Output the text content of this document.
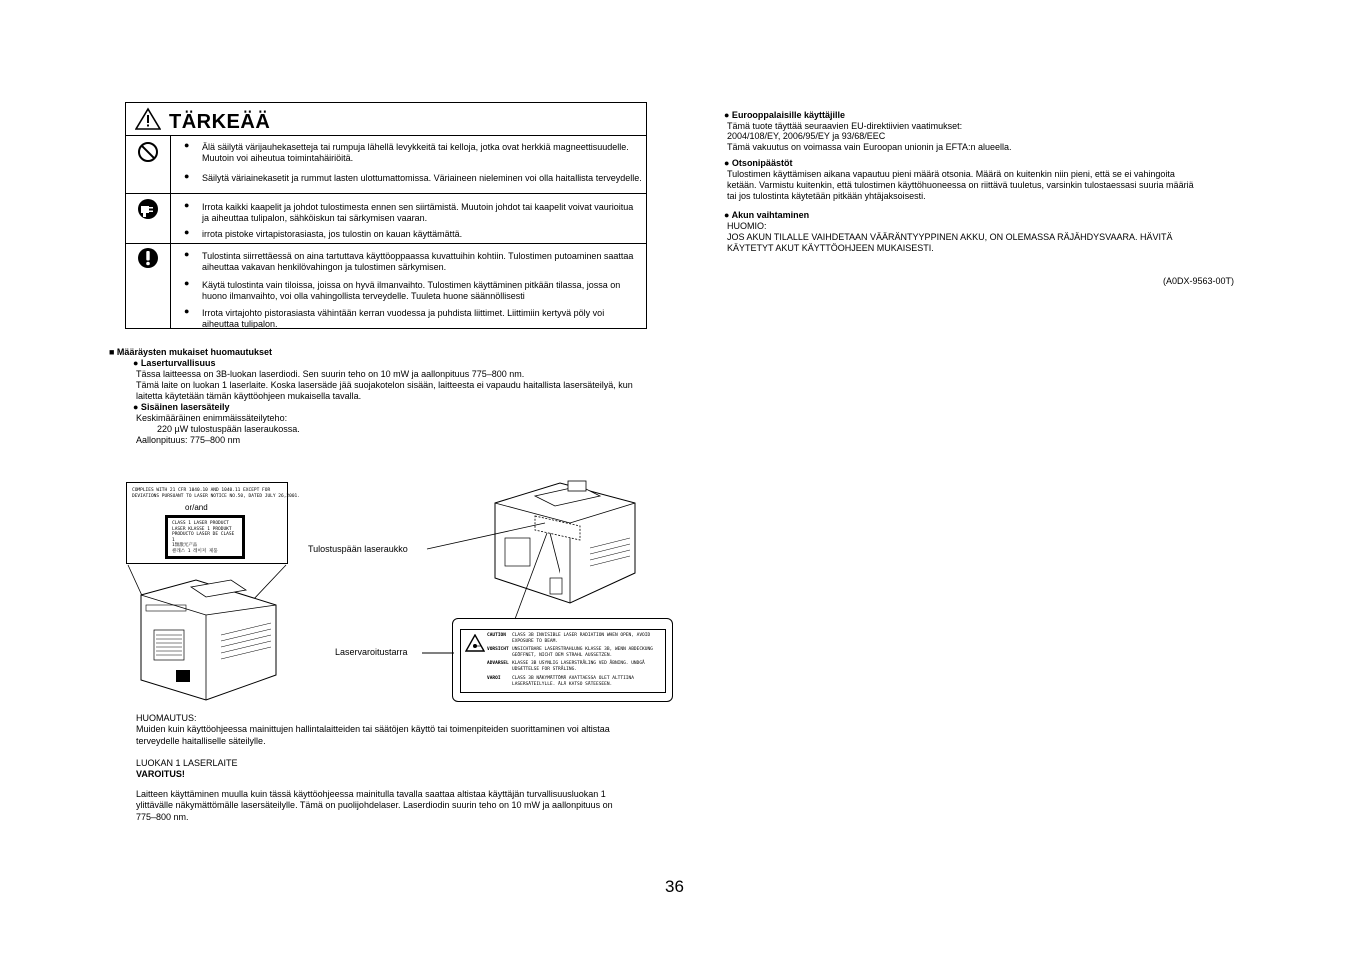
TÄRKEÄÄ
● Älä säilytä värijauhekasetteja tai rumpuja lähellä levykkeitä tai kelloja, jotka ovat herkkiä magneettisuudelle. Muutoin voi aiheutua toimintahäiriöitä.
● Säilytä väriainekasetit ja rummut lasten ulottumattomissa. Väriaineen nieleminen voi olla haitallista terveydelle.
● Irrota kaikki kaapelit ja johdot tulostimesta ennen sen siirtämistä. Muutoin johdot tai kaapelit voivat vaurioitua ja aiheuttaa tulipalon, sähköiskun tai särkymisen vaaran.
● irrota pistoke virtapistorasiasta, jos tulostin on kauan käyttämättä.
● Tulostinta siirrettäessä on aina tartuttava käyttöoppaassa kuvattuihin kohtiin. Tulostimen putoaminen saattaa aiheuttaa vakavan henkilövahingon ja tulostimen särkymisen.
● Käytä tulostinta vain tiloissa, joissa on hyvä ilmanvaihto. Tulostimen käyttäminen pitkään tilassa, jossa on huono ilmanvaihto, voi olla vahingollista terveydelle. Tuuleta huone säännöllisesti
● Irrota virtajohto pistorasiasta vähintään kerran vuodessa ja puhdista liittimet. Liittimiin kertyvä pöly voi aiheuttaa tulipalon.
■ Määräysten mukaiset huomautukset
● Laserturvallisuus
Tässa laitteessa on 3B-luokan laserdiodi. Sen suurin teho on 10 mW ja aallonpituus 775–800 nm.
Tämä laite on luokan 1 laserlaite. Koska lasersäde jää suojakotelon sisään, laitteesta ei vapaudu haitallista lasersäteilyä, kun
laitetta käytetään tämän käyttöohjeen mukaisella tavalla.
● Sisäinen lasersäteily
Keskimääräinen enimmäissäteilyteho:
220 µW tulostuspään laseraukossa.
Aallonpituus: 775–800 nm
COMPLIES WITH 21 CFR 1040.10 AND 1040.11 EXCEPT FOR
DEVIATIONS PURSUANT TO LASER NOTICE NO.50, DATED JULY 26,2001.
or/and
CLASS 1 LASER PRODUCT
LASER KLASSE 1 PRODUKT
PRODUCTO LASER DE CLASE 1
1類激光产品
클래스 1 레이저 제품	Tulostuspään laseraukko
Laservaroitustarra
CAUTION CLASS 3B INVISIBLE LASER RADIATION WHEN OPEN, AVOID EXPOSURE TO BEAM.
VORSICHT UNSICHTBARE LASERSTRAHLUNG KLASSE 3B, WENN ABDECKUNG GEÖFFNET, NICHT DEM STRAHL AUSSETZEN.
ADVARSEL KLASSE 3B USYNLIG LASERSTRÅLING VED ÅBNING. UNDGÅ UDSÆTTELSE FOR STRÅLING.
VAROI	CLASS 3B NÄKYMÄTTÖMÄ AVATTAESSA OLET ALTTIINA LASERSÄTEILYLLE. ÄLÄ KATSO SÄTEESEEN.
HUOMAUTUS:
Muiden kuin käyttöohjeessa mainittujen hallintalaitteiden tai säätöjen käyttö tai toimenpiteiden suorittaminen voi altistaa
terveydelle haitalliselle säteilylle.
LUOKAN 1 LASERLAITE
VAROITUS!
Laitteen käyttäminen muulla kuin tässä käyttöohjeessa mainitulla tavalla saattaa altistaa käyttäjän turvallisuusluokan 1
ylittävälle näkymättömälle lasersäteilylle. Tämä on puolijohdelaser. Laserdiodin suurin teho on 10 mW ja aallonpituus on
775–800 nm.
● Eurooppalaisille käyttäjille
Tämä tuote täyttää seuraavien EU-direktiivien vaatimukset:
2004/108/EY, 2006/95/EY ja 93/68/EEC
Tämä vakuutus on voimassa vain Euroopan unionin ja EFTA:n alueella.
● Otsonipäästöt
Tulostimen käyttämisen aikana vapautuu pieni määrä otsonia. Määrä on kuitenkin niin pieni, että se ei vahingoita
ketään. Varmistu kuitenkin, että tulostimen käyttöhuoneessa on riittävä tuuletus, varsinkin tulostaessasi suuria määriä
tai jos tulostinta käytetään pitkään yhtäjaksoisesti.
● Akun vaihtaminen
HUOMIO:
JOS AKUN TILALLE VAIHDETAAN VÄÄRÄNTYYPPINEN AKKU, ON OLEMASSA RÄJÄHDYSVAARA. HÄVITÄ
KÄYTETYT AKUT KÄYTTÖOHJEEN MUKAISESTI.
(A0DX-9563-00T)
36
